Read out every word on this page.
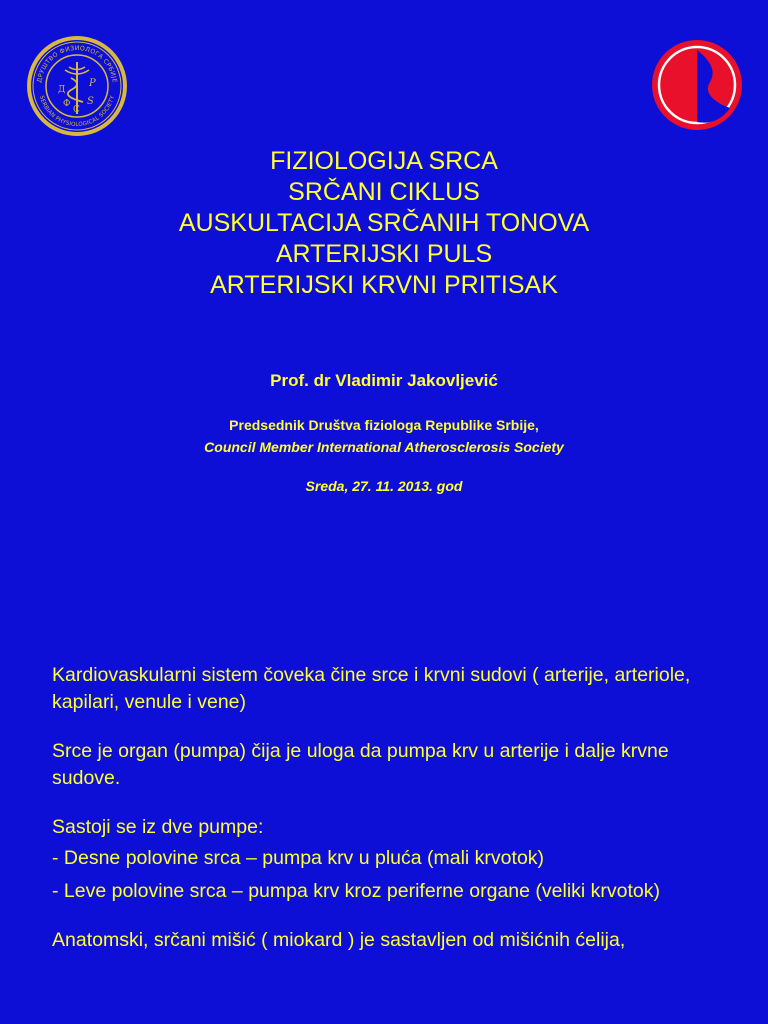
ДРУШТВО ФИЗИОЛОГА СРБИЈЕ
SERBIAN PHYSIOLOGICAL SOCIETY
Д
Ф
С
P
S
FIZIOLOGIJA SRCA
SRČANI CIKLUS
AUSKULTACIJA SRČANIH TONOVA
ARTERIJSKI PULS
ARTERIJSKI KRVNI PRITISAK
Prof. dr Vladimir Jakovljević
Predsednik Društva fiziologa Republike Srbije,
Council Member International Atherosclerosis Society
Sreda, 27. 11. 2013. god

Kardiovaskularni sistem čoveka čine srce i krvni sudovi ( arterije, arteriole, kapilari, venule i vene)

Srce je organ (pumpa) čija je uloga da pumpa krv u arterije i dalje krvne sudove.

Sastoji se iz dve pumpe:

- Desne polovine srca – pumpa krv u pluća (mali krvotok)

- Leve polovine srca – pumpa krv kroz periferne organe (veliki krvotok)

Anatomski, srčani mišić ( miokard ) je sastavljen od mišićnih ćelija,
